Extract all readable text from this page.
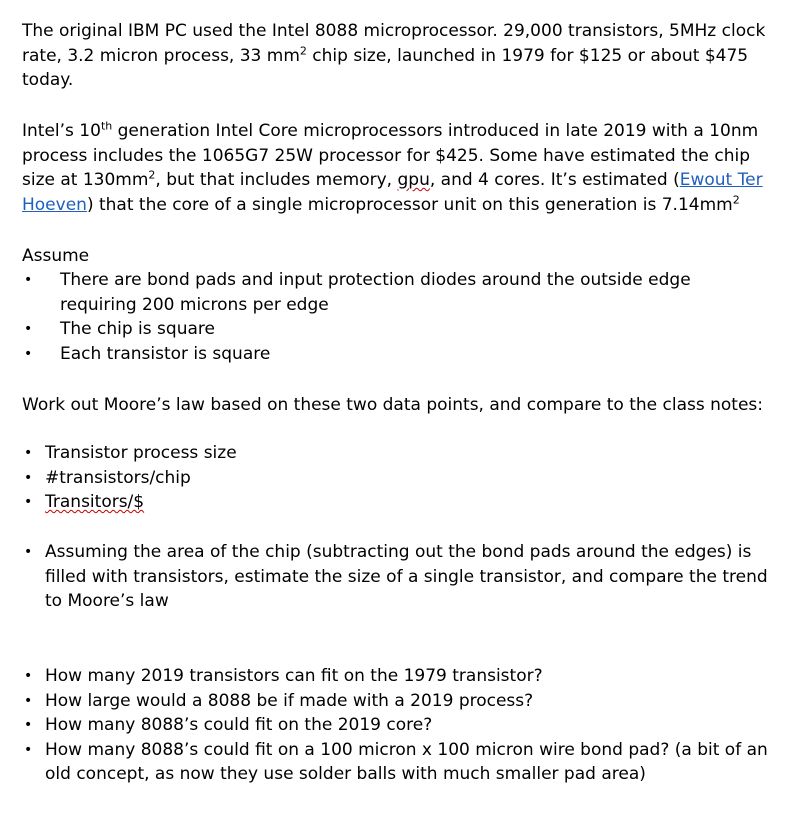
The original IBM PC used the Intel 8088 microprocessor. 29,000 transistors, 5MHz clock rate, 3.2 micron process, 33 $mm^2$ chip size, launched in 1979 for $125 or about $475 today.

Intel’s 10th generation Intel Core microprocessors introduced in late 2019 with a 10nm process includes the 1065G7 25W processor for $425. Some have estimated the chip size at $130mm^2$, but that includes memory, gpu, and 4 cores. It’s estimated (Ewout Ter Hoeven) that the core of a single microprocessor unit on this generation is $7.14mm^2$

Assume

• There are bond pads and input protection diodes around the outside edge requiring 200 microns per edge
• The chip is square
• Each transistor is square

Work out Moore’s law based on these two data points, and compare to the class notes:

• Transistor process size
• #transistors/chip
• Transitors/$
• Assuming the area of the chip (subtracting out the bond pads around the edges) is filled with transistors, estimate the size of a single transistor, and compare the trend to Moore’s law
• How many 2019 transistors can fit on the 1979 transistor?
• How large would a 8088 be if made with a 2019 process?
• How many 8088’s could fit on the 2019 core?
• How many 8088’s could fit on a 100 micron x 100 micron wire bond pad? (a bit of an old concept, as now they use solder balls with much smaller pad area)
